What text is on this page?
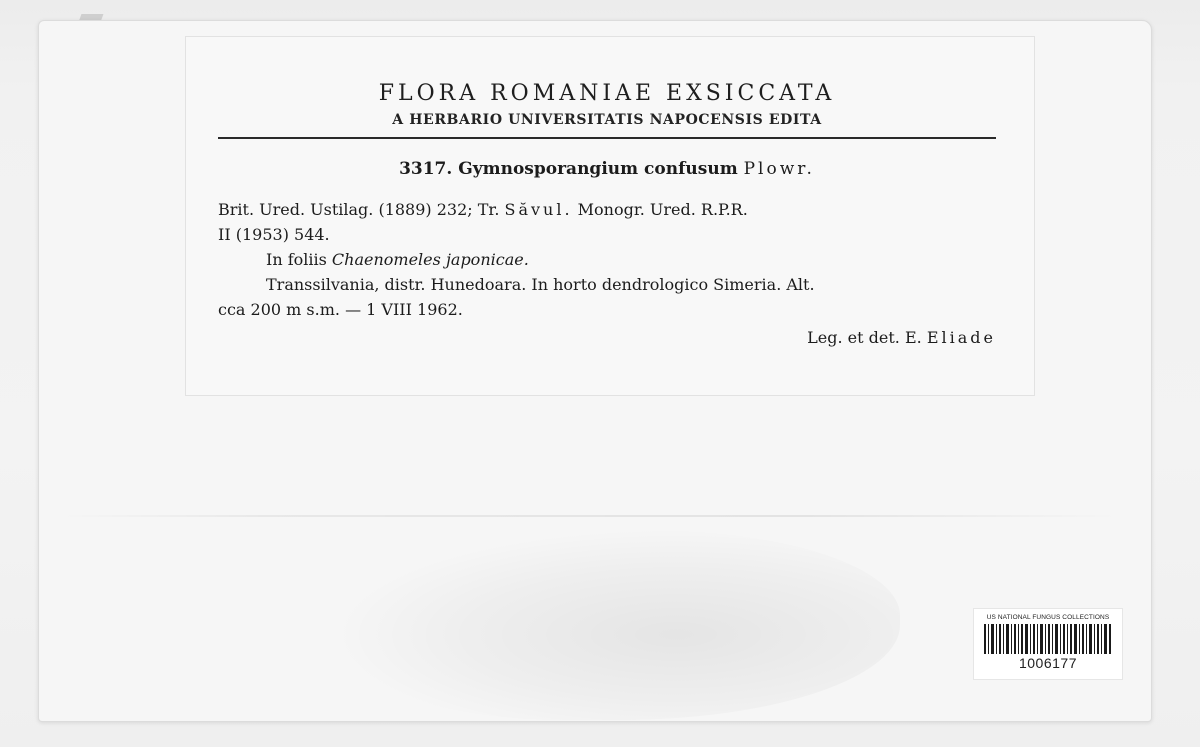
FLORA ROMANIAE EXSICCATA
A HERBARIO UNIVERSITATIS NAPOCENSIS EDITA
3317. Gymnosporangium confusum Plowr.
Brit. Ured. Ustilag. (1889) 232; Tr. Săvul. Monogr. Ured. R.P.R.
II (1953) 544.
In foliis Chaenomeles japonicae.
Transsilvania, distr. Hunedoara. In horto dendrologico Simeria. Alt.
cca 200 m s.m. — 1 VIII 1962.
Leg. et det. E. Eliade
US NATIONAL FUNGUS COLLECTIONS
1006177
